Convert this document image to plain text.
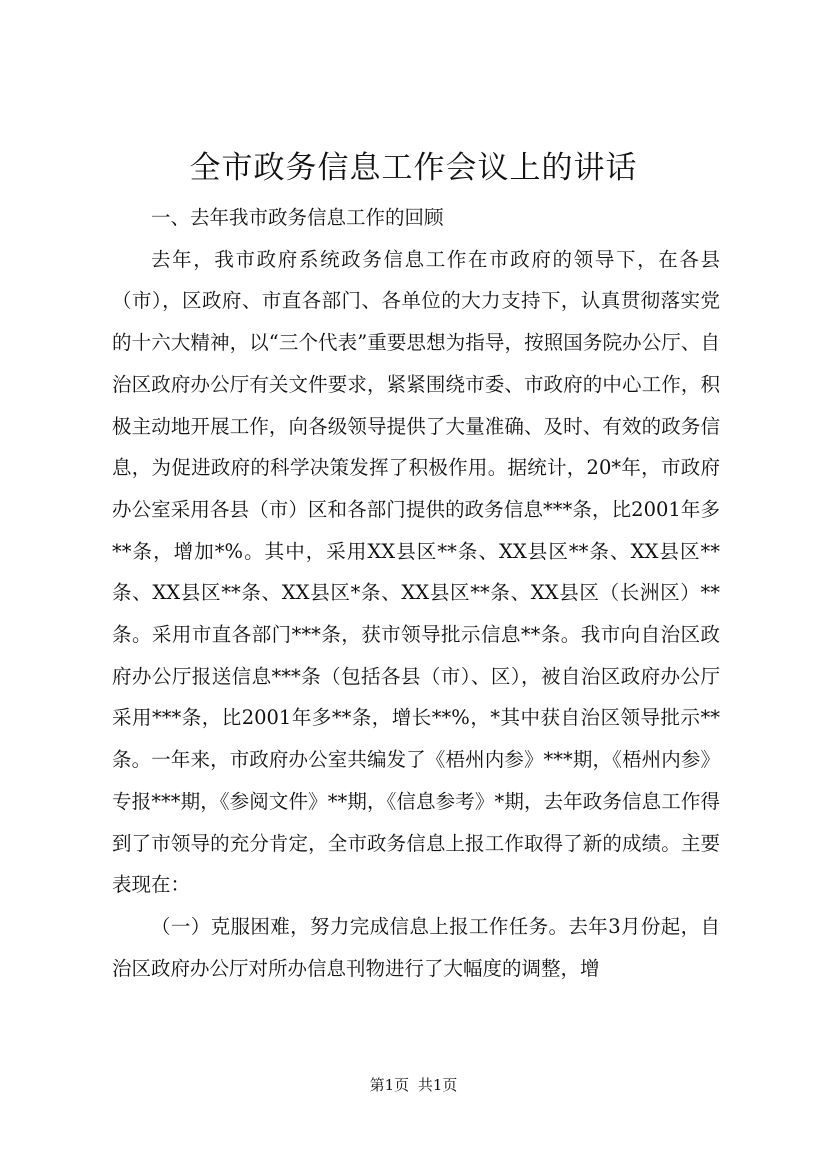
全市政务信息工作会议上的讲话

一、去年我市政务信息工作的回顾

去年，我市政府系统政务信息工作在市政府的领导下，在各县（市），区政府、市直各部门、各单位的大力支持下，认真贯彻落实党的十六大精神，以“三个代表”重要思想为指导，按照国务院办公厅、自治区政府办公厅有关文件要求，紧紧围绕市委、市政府的中心工作，积极主动地开展工作，向各级领导提供了大量准确、及时、有效的政务信息，为促进政府的科学决策发挥了积极作用。据统计，20*年，市政府办公室采用各县（市）区和各部门提供的政务信息***条，比2001年多**条，增加*%。其中，采用XX县区**条、XX县区**条、XX县区**条、XX县区**条、XX县区*条、XX县区**条、XX县区（长洲区）**条。采用市直各部门***条，获市领导批示信息**条。我市向自治区政府办公厅报送信息***条（包括各县（市）、区），被自治区政府办公厅采用***条，比2001年多**条，增长**%，*其中获自治区领导批示**条。一年来，市政府办公室共编发了《梧州内参》***期，《梧州内参》专报***期，《参阅文件》**期，《信息参考》*期，去年政务信息工作得到了市领导的充分肯定，全市政务信息上报工作取得了新的成绩。主要表现在：

（一）克服困难，努力完成信息上报工作任务。去年3月份起，自治区政府办公厅对所办信息刊物进行了大幅度的调整，增

第1页 共1页
